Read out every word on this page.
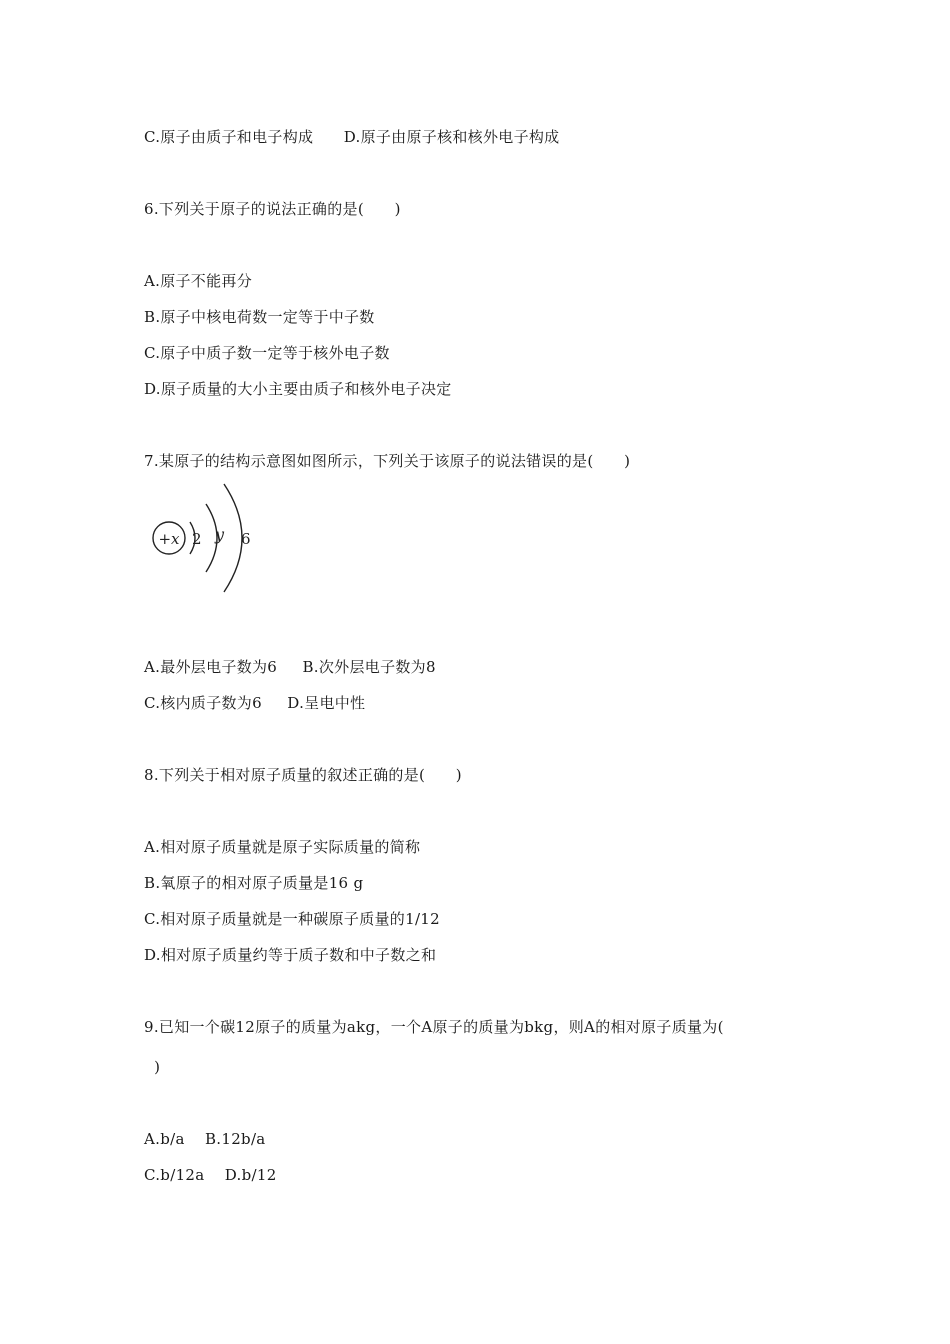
C.原子由质子和电子构成      D.原子由原子核和核外电子构成
6.下列关于原子的说法正确的是(　　)
A.原子不能再分
B.原子中核电荷数一定等于中子数
C.原子中质子数一定等于核外电子数
D.原子质量的大小主要由质子和核外电子决定
7.某原子的结构示意图如图所示，下列关于该原子的说法错误的是(　　)
+x 2 y 6
A.最外层电子数为6     B.次外层电子数为8
C.核内质子数为6     D.呈电中性
8.下列关于相对原子质量的叙述正确的是(　　)
A.相对原子质量就是原子实际质量的简称
B.氧原子的相对原子质量是16 g
C.相对原子质量就是一种碳原子质量的1/12
D.相对原子质量约等于质子数和中子数之和
9.已知一个碳12原子的质量为akg，一个A原子的质量为bkg，则A的相对原子质量为(
)
A.b/a    B.12b/a
C.b/12a    D.b/12
